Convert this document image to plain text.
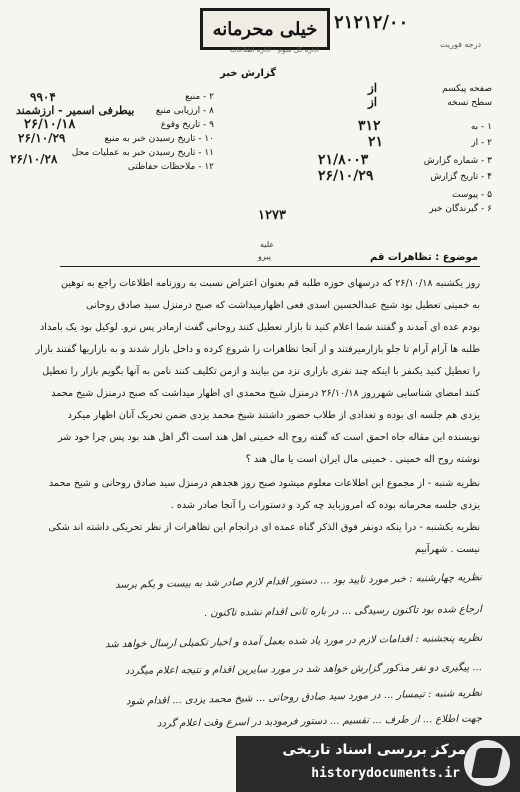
خیلی محرمانه ۲۱۲۱۲/۰۰
درجه فوریت
اداره کل سوم - اداره اطلاعات
گزارش خبر
۲ - منبع
۹۹۰۴
۸ - ارزیابی منبع
بیطرفی اسمیر - ارزشمند
۹ - تاریخ وقوع
۲۶/۱۰/۱۸
۱۰ - تاریخ رسیدن خبر به منبع
۲۶/۱۰/۲۹
۱۱ - تاریخ رسیدن خبر به عملیات محل
۲۶/۱۰/۲۸
۱۲ - ملاحظات حفاظتی
صفحه پیکسم
از
سطح نسخه
از
۱ - به
۳۱۲
۲ - از
۲۱
۳ - شماره گزارش
۲۱/۸۰۰۳
۴ - تاریخ گزارش
۲۶/۱۰/۲۹
۵ - پیوست
۶ - گیرندگان خبر
۱۲۷۳
علیه
پیرو	موضوع : تظاهرات قم
روز یکشنبه ۲۶/۱۰/۱۸ که درسهای حوزه طلبه قم بعنوان اعتراض نسبت به روزنامه اطلاعات راجع به توهین
به خمینی تعطیل بود شیخ عبدالحسین اسدی فعی اظهارمیداشت که صبح درمنزل سید صادق روحانی
بودم عده ای آمدند و گفتند شما اعلام کنید تا بازار تعطیل کنند روحانی گفت ازمادر پس نرو. لوکیل بود یک بامداد
طلبه ها آرام آرام تا جلو بازارمیرفتند و از آنجا تظاهرات را شروع کرده و داخل بازار شدند و به بازاریها گفتند بازار
را تعطیل کنید یکنفر با اینکه چند نفری بازاری نزد من بیایند و ازمن تکلیف کنند نامن به آنها بگویم بازار را تعطیل
کنند امضای شناسایی شهرروز ۲۶/۱۰/۱۸ درمنزل شیخ محمدی ای اظهار میداشت که صبح درمنزل شیخ محمد
یزدی هم جلسه ای بوده و تعدادی از طلاب حضور داشتند شیخ محمد یزدی ضمن تحریک آنان اظهار میکرد
نویسنده این مقاله جاه احمق است که گفته روح اله خمینی اهل هند است اگر اهل هند بود پس چرا خود شر
نوشته روح اله خمینی . خمینی مال ایران است یا مال هند ؟
نظریه شنبه - از مجموع این اطلاعات معلوم میشود صبح روز هجدهم درمنزل سید صادق روحانی و شیخ محمد
یزدی جلسه محرمانه بوده که امروزباید چه کرد و دستورات را آنجا صادر شده .
نظریه یکشنبه - درا ینکه دونفر فوق الذکر گناه عمده ای درانجام این تظاهرات از نظر تحریکی داشته اند شکی
نیست . شهرآبیم
نظریه چهارشنبه : خبر مورد تایید بود ... دستور اقدام لازم صادر شد به بیست و یکم برسد
ارجاع شده بود تاکنون رسیدگی ... در باره ثانی اقدام نشده تاکنون .
نظریه پنجشنبه : اقدامات لازم در مورد یاد شده بعمل آمده و اخبار تکمیلی ارسال خواهد شد
... پیگیری دو نفر مذکور گزارش خواهد شد در مورد سایرین اقدام و نتیجه اعلام میگردد
نظریه شنبه : تیمسار ... در مورد سید صادق روحانی ... شیخ محمد یزدی ... اقدام شود
جهت اطلاع ... از طرف ... تقسیم ... دستور فرمودید در اسرع وقت اعلام گردد
مرکز بررسی اسناد تاریخی
historydocuments.ir
